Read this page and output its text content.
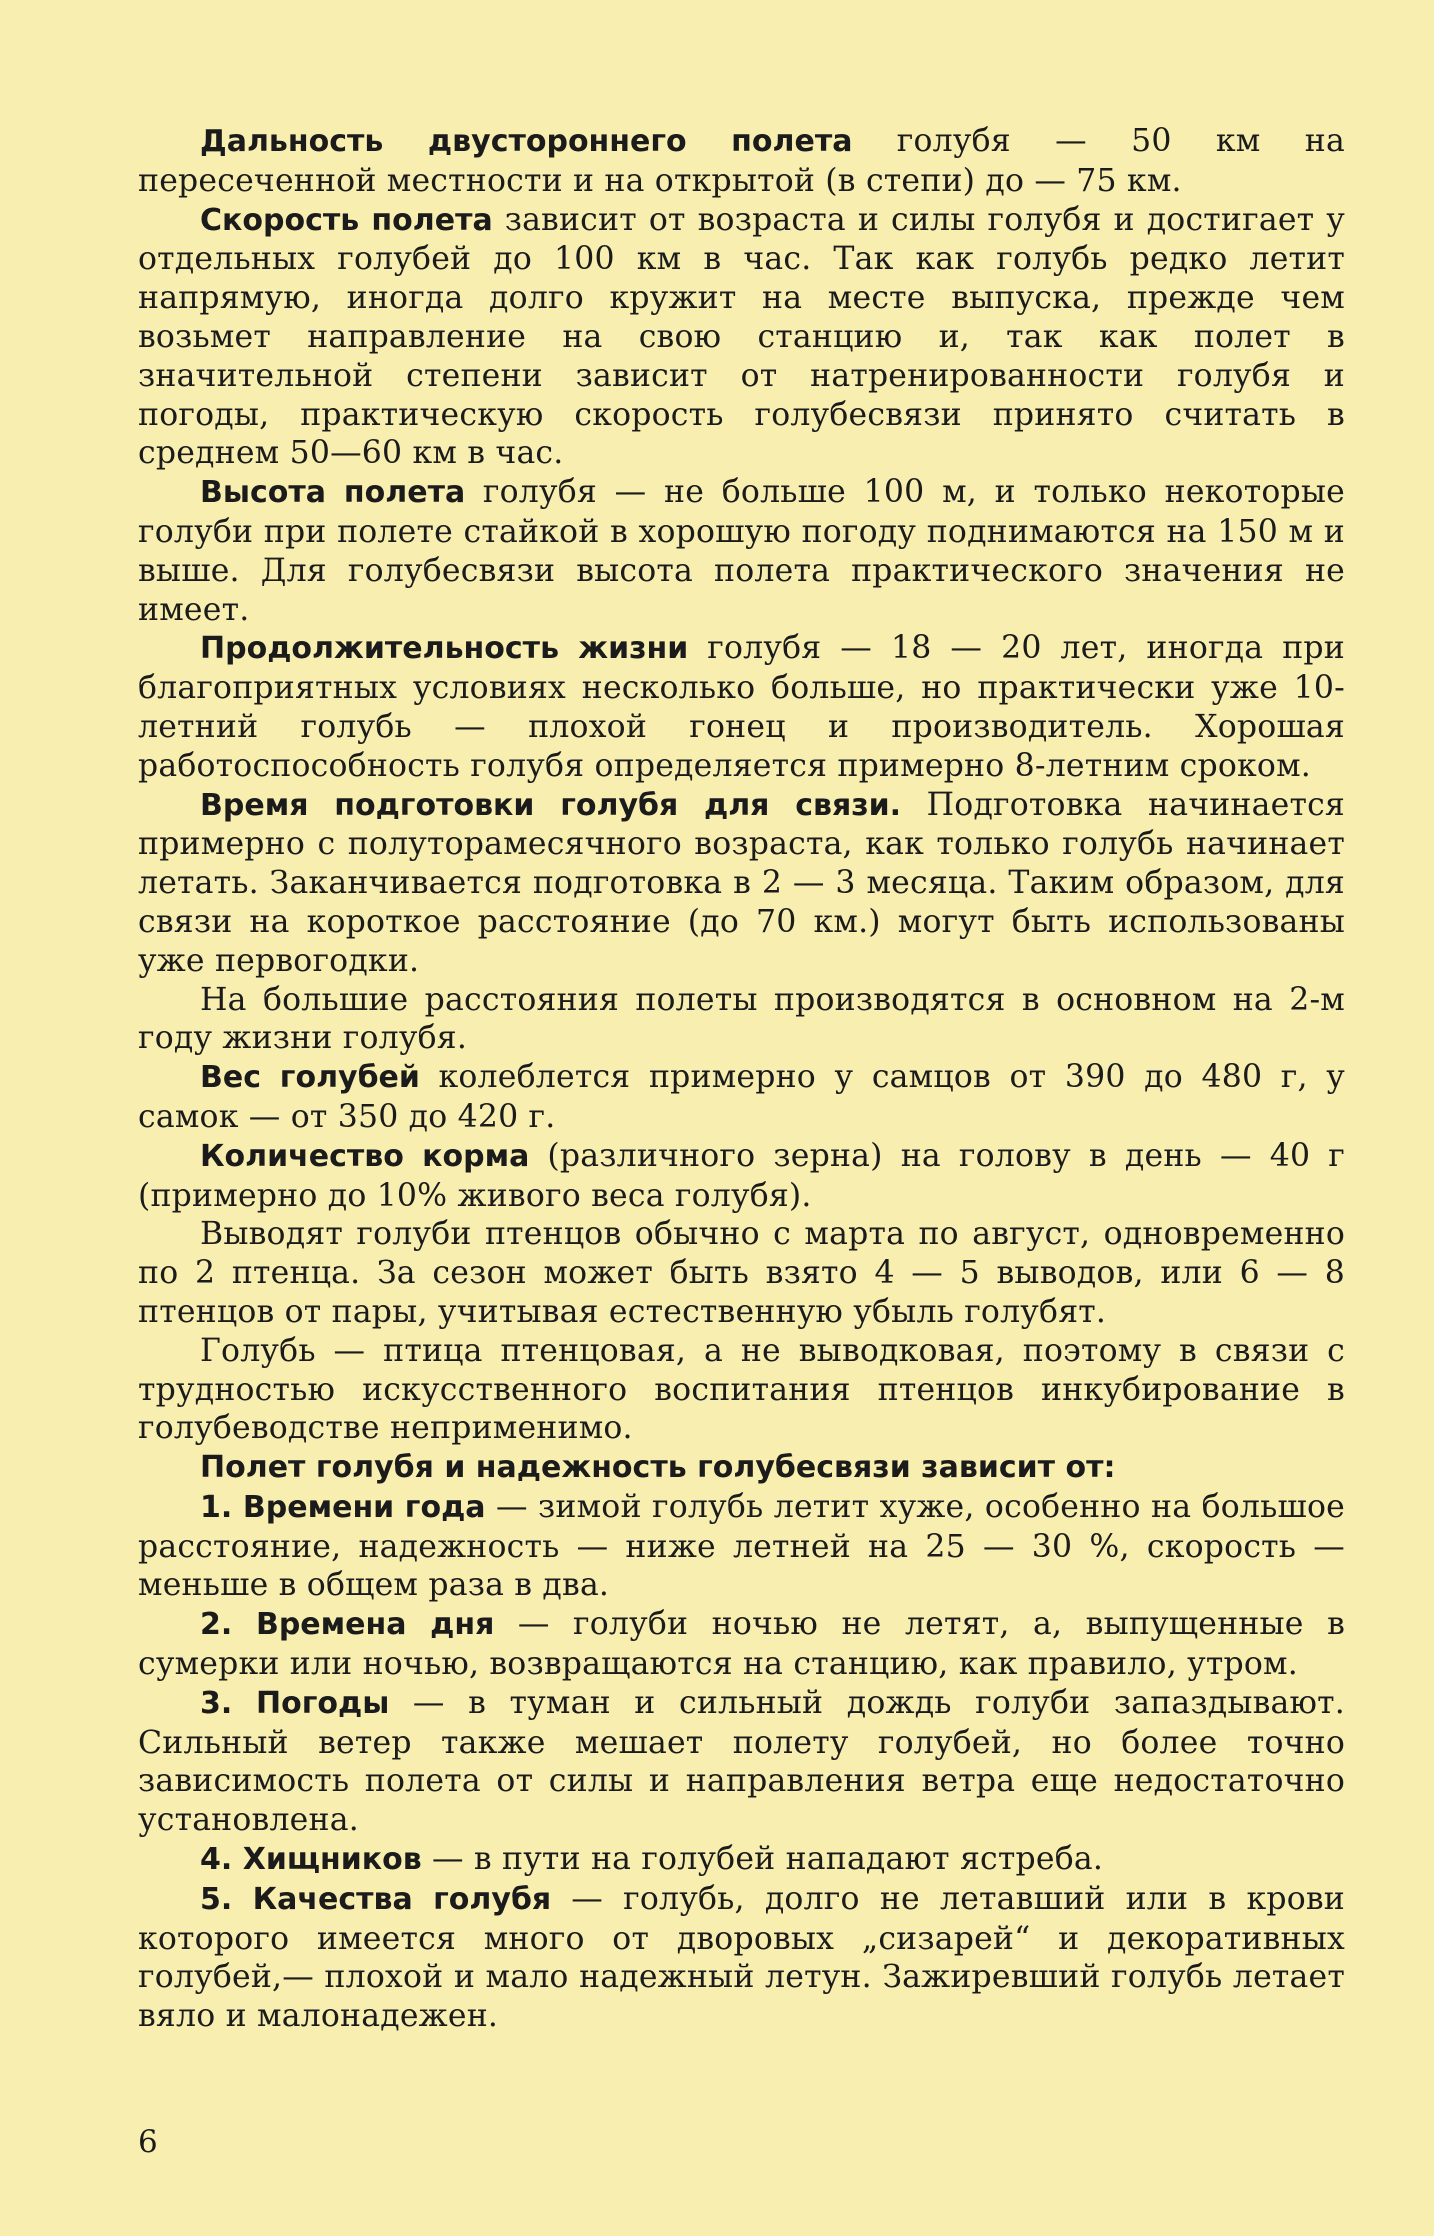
Дальность двустороннего полета голубя — 50 км на пересеченной местности и на открытой (в степи) до — 75 км.

Скорость полета зависит от возраста и силы голубя и достигает у отдельных голубей до 100 км в час. Так как голубь редко летит напрямую, иногда долго кружит на месте выпуска, прежде чем возьмет направление на свою станцию и, так как полет в значительной степени зависит от натренированности голубя и погоды, практическую скорость голубесвязи принято считать в среднем 50—60 км в час.

Высота полета голубя — не больше 100 м, и только некоторые голуби при полете стайкой в хорошую погоду поднимаются на 150 м и выше. Для голубесвязи высота полета практического значения не имеет.

Продолжительность жизни голубя — 18 — 20 лет, иногда при благоприятных условиях несколько больше, но практически уже 10-летний голубь — плохой гонец и производитель. Хорошая работоспособность голубя определяется примерно 8-летним сроком.

Время подготовки голубя для связи. Подготовка начинается примерно с полуторамесячного возраста, как только голубь начинает летать. Заканчивается подготовка в 2 — 3 месяца. Таким образом, для связи на короткое расстояние (до 70 км.) могут быть использованы уже первогодки.

На большие расстояния полеты производятся в основном на 2-м году жизни голубя.

Вес голубей колеблется примерно у самцов от 390 до 480 г, у самок — от 350 до 420 г.

Количество корма (различного зерна) на голову в день — 40 г (примерно до 10% живого веса голубя).

Выводят голуби птенцов обычно с марта по август, одновременно по 2 птенца. За сезон может быть взято 4 — 5 выводов, или 6 — 8 птенцов от пары, учитывая естественную убыль голубят.

Голубь — птица птенцовая, а не выводковая, поэтому в связи с трудностью искусственного воспитания птенцов инкубирование в голубеводстве неприменимо.

Полет голубя и надежность голубесвязи зависит от:

1. Времени года — зимой голубь летит хуже, особенно на большое расстояние, надежность — ниже летней на 25 — 30 %, скорость — меньше в общем раза в два.

2. Времена дня — голуби ночью не летят, а, выпущенные в сумерки или ночью, возвращаются на станцию, как правило, утром.

3. Погоды — в туман и сильный дождь голуби запаздывают. Сильный ветер также мешает полету голубей, но более точно зависимость полета от силы и направления ветра еще недостаточно установлена.

4. Хищников — в пути на голубей нападают ястреба.

5. Качества голубя — голубь, долго не летавший или в крови которого имеется много от дворовых „сизарей“ и декоративных голубей,— плохой и мало надежный летун. Зажиревший голубь летает вяло и малонадежен.

6
